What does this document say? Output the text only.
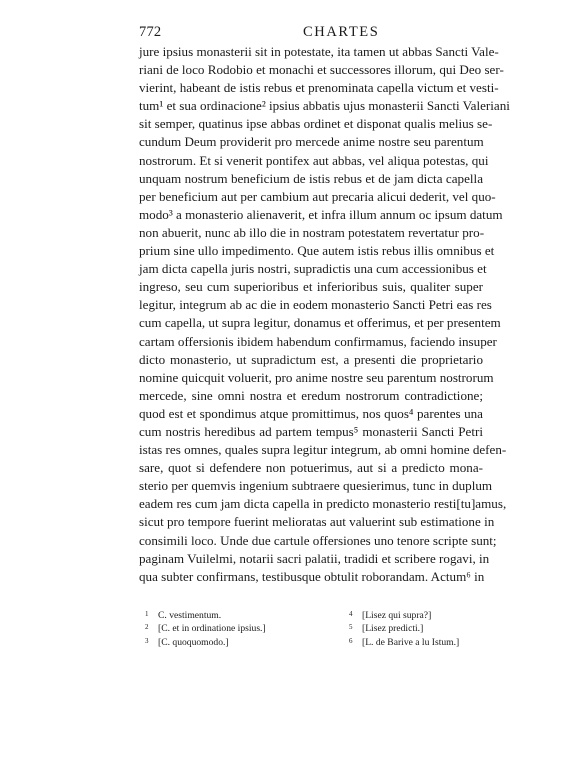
772	CHARTES
jure ipsius monasterii sit in potestate, ita tamen ut abbas Sancti Vale-
riani de loco Rodobio et monachi et successores illorum, qui Deo ser-
vierint, habeant de istis rebus et prenominata capella victum et vesti-
tum¹ et sua ordinacione² ipsius abbatis ujus monasterii Sancti Valeriani
sit semper, quatinus ipse abbas ordinet et disponat qualis melius se-
cundum Deum providerit pro mercede anime nostre seu parentum
nostrorum. Et si venerit pontifex aut abbas, vel aliqua potestas, qui
unquam nostrum beneficium de istis rebus et de jam dicta capella
per beneficium aut per cambium aut precaria alicui dederit, vel quo-
modo³ a monasterio alienaverit, et infra illum annum oc ipsum datum
non abuerit, nunc ab illo die in nostram potestatem revertatur pro-
prium sine ullo impedimento. Que autem istis rebus illis omnibus et
jam dicta capella juris nostri, supradictis una cum accessionibus et
ingreso, seu cum superioribus et inferioribus suis, qualiter super
legitur, integrum ab ac die in eodem monasterio Sancti Petri eas res
cum capella, ut supra legitur, donamus et offerimus, et per presentem
cartam offersionis ibidem habendum confirmamus, faciendo insuper
dicto monasterio, ut supradictum est, a presenti die proprietario
nomine quicquit voluerit, pro anime nostre seu parentum nostrorum
mercede, sine omni nostra et eredum nostrorum contradictione;
quod est et spondimus atque promittimus, nos quos⁴ parentes una
cum nostris heredibus ad partem tempus⁵ monasterii Sancti Petri
istas res omnes, quales supra legitur integrum, ab omni homine defen-
sare, quot si defendere non potuerimus, aut si a predicto mona-
sterio per quemvis ingenium subtraere quesierimus, tunc in duplum
eadem res cum jam dicta capella in predicto monasterio resti[tu]amus,
sicut pro tempore fuerint melioratas aut valuerint sub estimatione in
consimili loco. Unde due cartule offersiones uno tenore scripte sunt;
paginam Vuilelmi, notarii sacri palatii, tradidi et scribere rogavi, in
qua subter confirmans, testibusque obtulit roborandam. Actum⁶ in
1 C. vestimentum.
2 [C. et in ordinatione ipsius.]
3 [C. quoquomodo.]
4 [Lisez qui supra?]
5 [Lisez predicti.]
6 [L. de Barive a lu Istum.]
